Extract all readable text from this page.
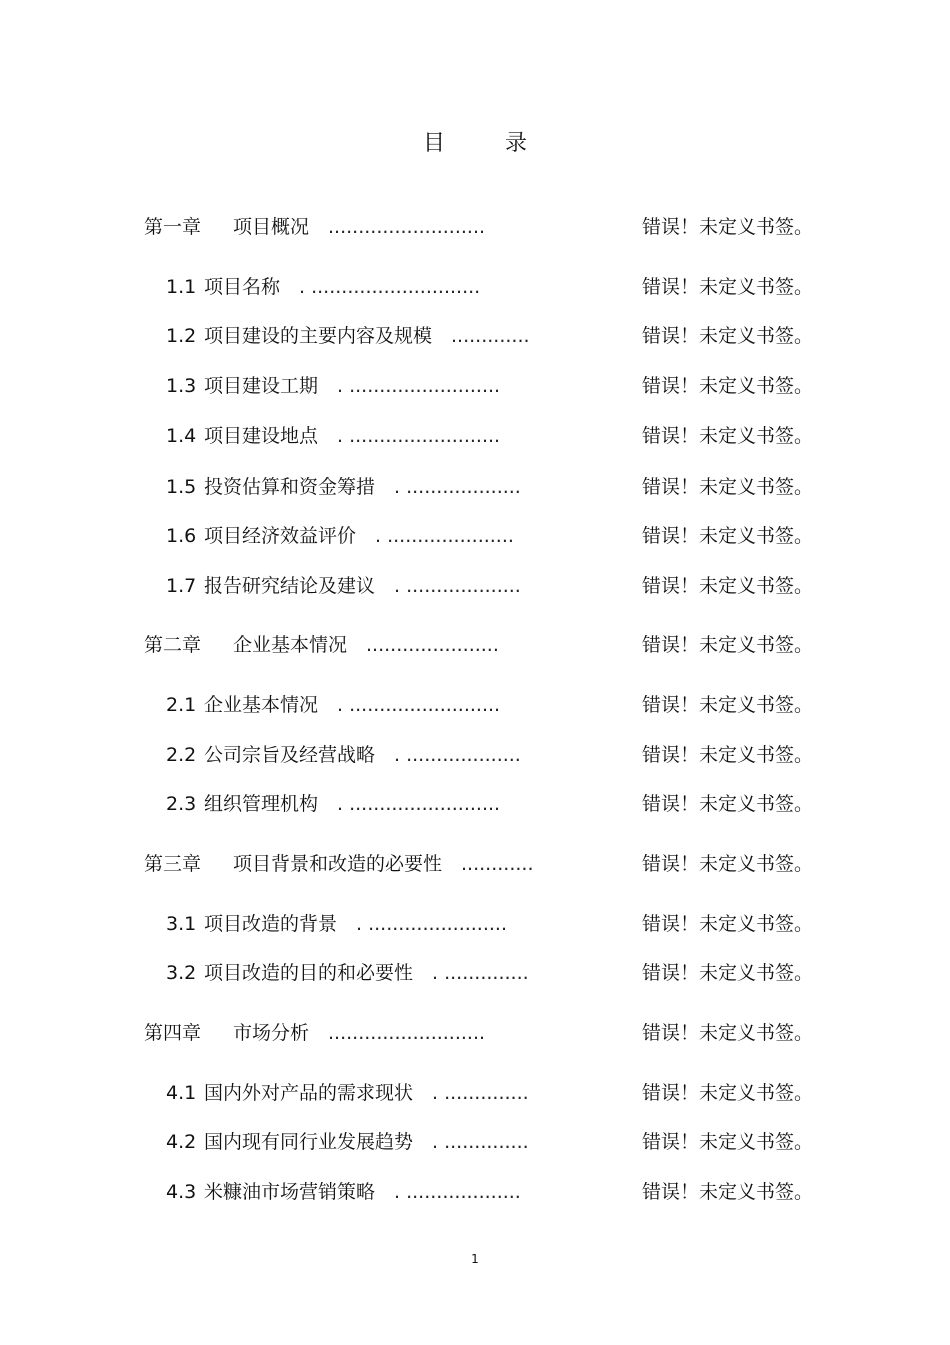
目	录
第一章 项目概况  ..........................	错误！未定义书签。
1.1 项目名称  . ............................	错误！未定义书签。
1.2 项目建设的主要内容及规模  .............	错误！未定义书签。
1.3 项目建设工期  . .........................	错误！未定义书签。
1.4 项目建设地点  . .........................	错误！未定义书签。
1.5 投资估算和资金筹措  . ...................	错误！未定义书签。
1.6 项目经济效益评价  . .....................	错误！未定义书签。
1.7 报告研究结论及建议  . ...................	错误！未定义书签。
第二章 企业基本情况  ......................	错误！未定义书签。
2.1 企业基本情况  . .........................	错误！未定义书签。
2.2 公司宗旨及经营战略  . ...................	错误！未定义书签。
2.3 组织管理机构  . .........................	错误！未定义书签。
第三章 项目背景和改造的必要性  ............	错误！未定义书签。
3.1 项目改造的背景  . .......................	错误！未定义书签。
3.2 项目改造的目的和必要性  . ..............	错误！未定义书签。
第四章 市场分析  ..........................	错误！未定义书签。
4.1 国内外对产品的需求现状  . ..............	错误！未定义书签。
4.2 国内现有同行业发展趋势  . ..............	错误！未定义书签。
4.3 米糠油市场营销策略  . ...................	错误！未定义书签。
1
